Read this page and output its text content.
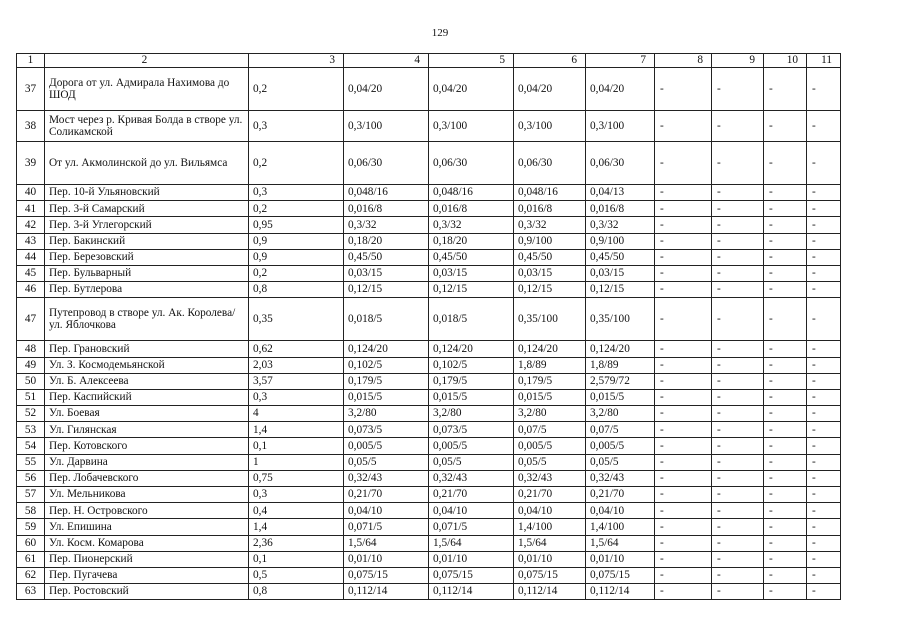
129
1	2	3	4	5	6	7	8	9	10	11
37	Дорога от ул. Адмирала Нахимова до ШОД	0,2	0,04/20	0,04/20	0,04/20	0,04/20	-	-	-	-
38	Мост через р. Кривая Болда в створе ул. Соликамской	0,3	0,3/100	0,3/100	0,3/100	0,3/100	-	-	-	-
39	От ул. Акмолинской до ул. Вильямса	0,2	0,06/30	0,06/30	0,06/30	0,06/30	-	-	-	-
40	Пер. 10-й Ульяновский	0,3	0,048/16	0,048/16	0,048/16	0,04/13	-	-	-	-
41	Пер. 3-й Самарский	0,2	0,016/8	0,016/8	0,016/8	0,016/8	-	-	-	-
42	Пер. 3-й Углегорский	0,95	0,3/32	0,3/32	0,3/32	0,3/32	-	-	-	-
43	Пер. Бакинский	0,9	0,18/20	0,18/20	0,9/100	0,9/100	-	-	-	-
44	Пер. Березовский	0,9	0,45/50	0,45/50	0,45/50	0,45/50	-	-	-	-
45	Пер. Бульварный	0,2	0,03/15	0,03/15	0,03/15	0,03/15	-	-	-	-
46	Пер. Бутлерова	0,8	0,12/15	0,12/15	0,12/15	0,12/15	-	-	-	-
47	Путепровод в створе ул. Ак. Королева/ул. Яблочкова	0,35	0,018/5	0,018/5	0,35/100	0,35/100	-	-	-	-
48	Пер. Грановский	0,62	0,124/20	0,124/20	0,124/20	0,124/20	-	-	-	-
49	Ул. З. Космодемьянской	2,03	0,102/5	0,102/5	1,8/89	1,8/89	-	-	-	-
50	Ул. Б. Алексеева	3,57	0,179/5	0,179/5	0,179/5	2,579/72	-	-	-	-
51	Пер. Каспийский	0,3	0,015/5	0,015/5	0,015/5	0,015/5	-	-	-	-
52	Ул. Боевая	4	3,2/80	3,2/80	3,2/80	3,2/80	-	-	-	-
53	Ул. Гилянская	1,4	0,073/5	0,073/5	0,07/5	0,07/5	-	-	-	-
54	Пер. Котовского	0,1	0,005/5	0,005/5	0,005/5	0,005/5	-	-	-	-
55	Ул. Дарвина	1	0,05/5	0,05/5	0,05/5	0,05/5	-	-	-	-
56	Пер. Лобачевского	0,75	0,32/43	0,32/43	0,32/43	0,32/43	-	-	-	-
57	Ул. Мельникова	0,3	0,21/70	0,21/70	0,21/70	0,21/70	-	-	-	-
58	Пер. Н. Островского	0,4	0,04/10	0,04/10	0,04/10	0,04/10	-	-	-	-
59	Ул. Епишина	1,4	0,071/5	0,071/5	1,4/100	1,4/100	-	-	-	-
60	Ул. Косм. Комарова	2,36	1,5/64	1,5/64	1,5/64	1,5/64	-	-	-	-
61	Пер. Пионерский	0,1	0,01/10	0,01/10	0,01/10	0,01/10	-	-	-	-
62	Пер. Пугачева	0,5	0,075/15	0,075/15	0,075/15	0,075/15	-	-	-	-
63	Пер. Ростовский	0,8	0,112/14	0,112/14	0,112/14	0,112/14	-	-	-	-
